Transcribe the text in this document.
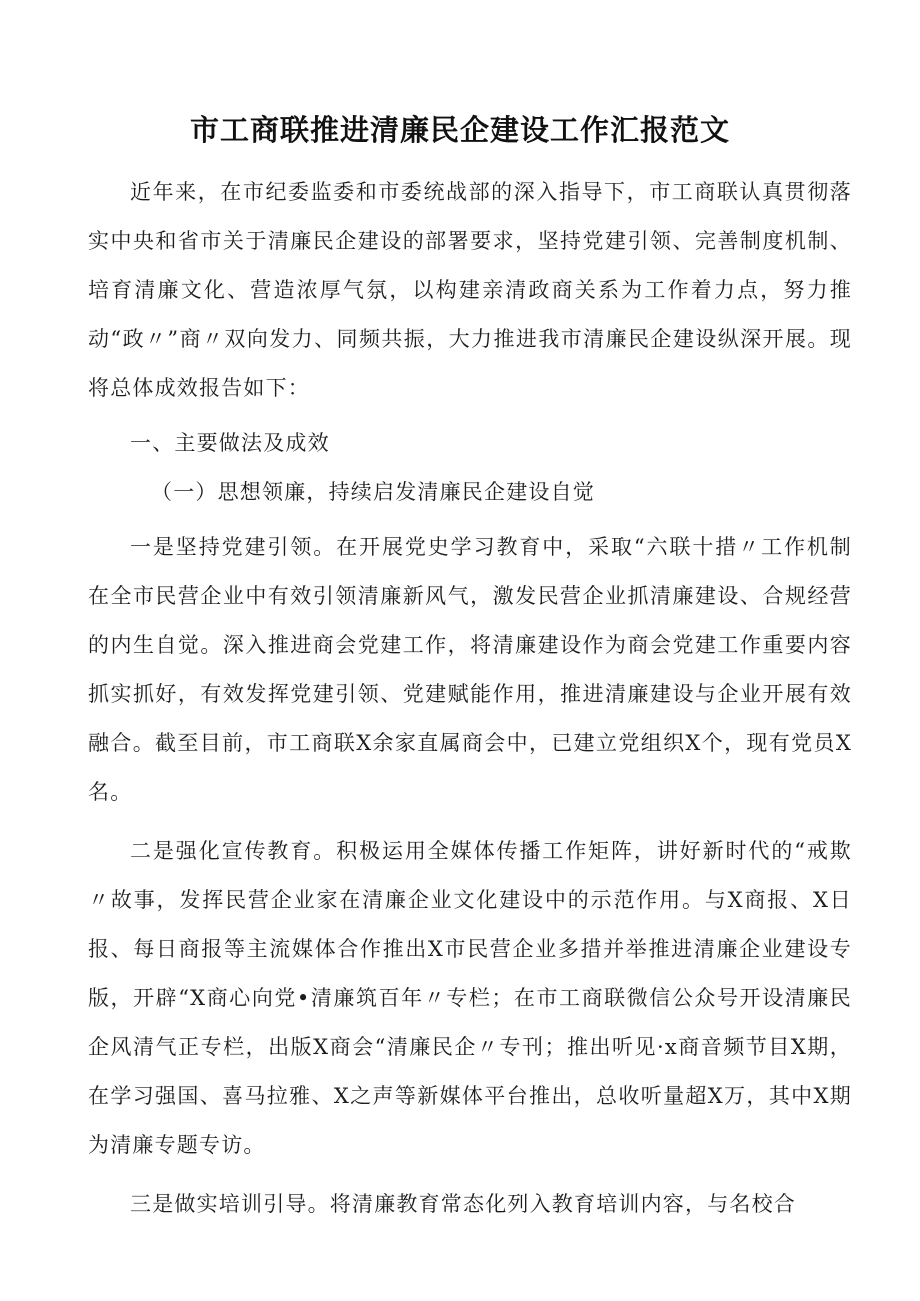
市工商联推进清廉民企建设工作汇报范文

近年来，在市纪委监委和市委统战部的深入指导下，市工商联认真贯彻落实中央和省市关于清廉民企建设的部署要求，坚持党建引领、完善制度机制、培育清廉文化、营造浓厚气氛，以构建亲清政商关系为工作着力点，努力推动“政〃”商〃双向发力、同频共振，大力推进我市清廉民企建设纵深开展。现将总体成效报告如下：

一、主要做法及成效

（一）思想领廉，持续启发清廉民企建设自觉

一是坚持党建引领。在开展党史学习教育中，采取“六联十措〃工作机制在全市民营企业中有效引领清廉新风气，激发民营企业抓清廉建设、合规经营的内生自觉。深入推进商会党建工作，将清廉建设作为商会党建工作重要内容抓实抓好，有效发挥党建引领、党建赋能作用，推进清廉建设与企业开展有效融合。截至目前，市工商联X余家直属商会中，已建立党组织X个，现有党员X名。

二是强化宣传教育。积极运用全媒体传播工作矩阵，讲好新时代的“戒欺〃故事，发挥民营企业家在清廉企业文化建设中的示范作用。与X商报、X日报、每日商报等主流媒体合作推出X市民营企业多措并举推进清廉企业建设专版，开辟“X商心向党•清廉筑百年〃专栏；在市工商联微信公众号开设清廉民企风清气正专栏，出版X商会“清廉民企〃专刊；推出听见·x商音频节目X期，在学习强国、喜马拉雅、X之声等新媒体平台推出，总收听量超X万，其中X期为清廉专题专访。

三是做实培训引导。将清廉教育常态化列入教育培训内容，与名校合
